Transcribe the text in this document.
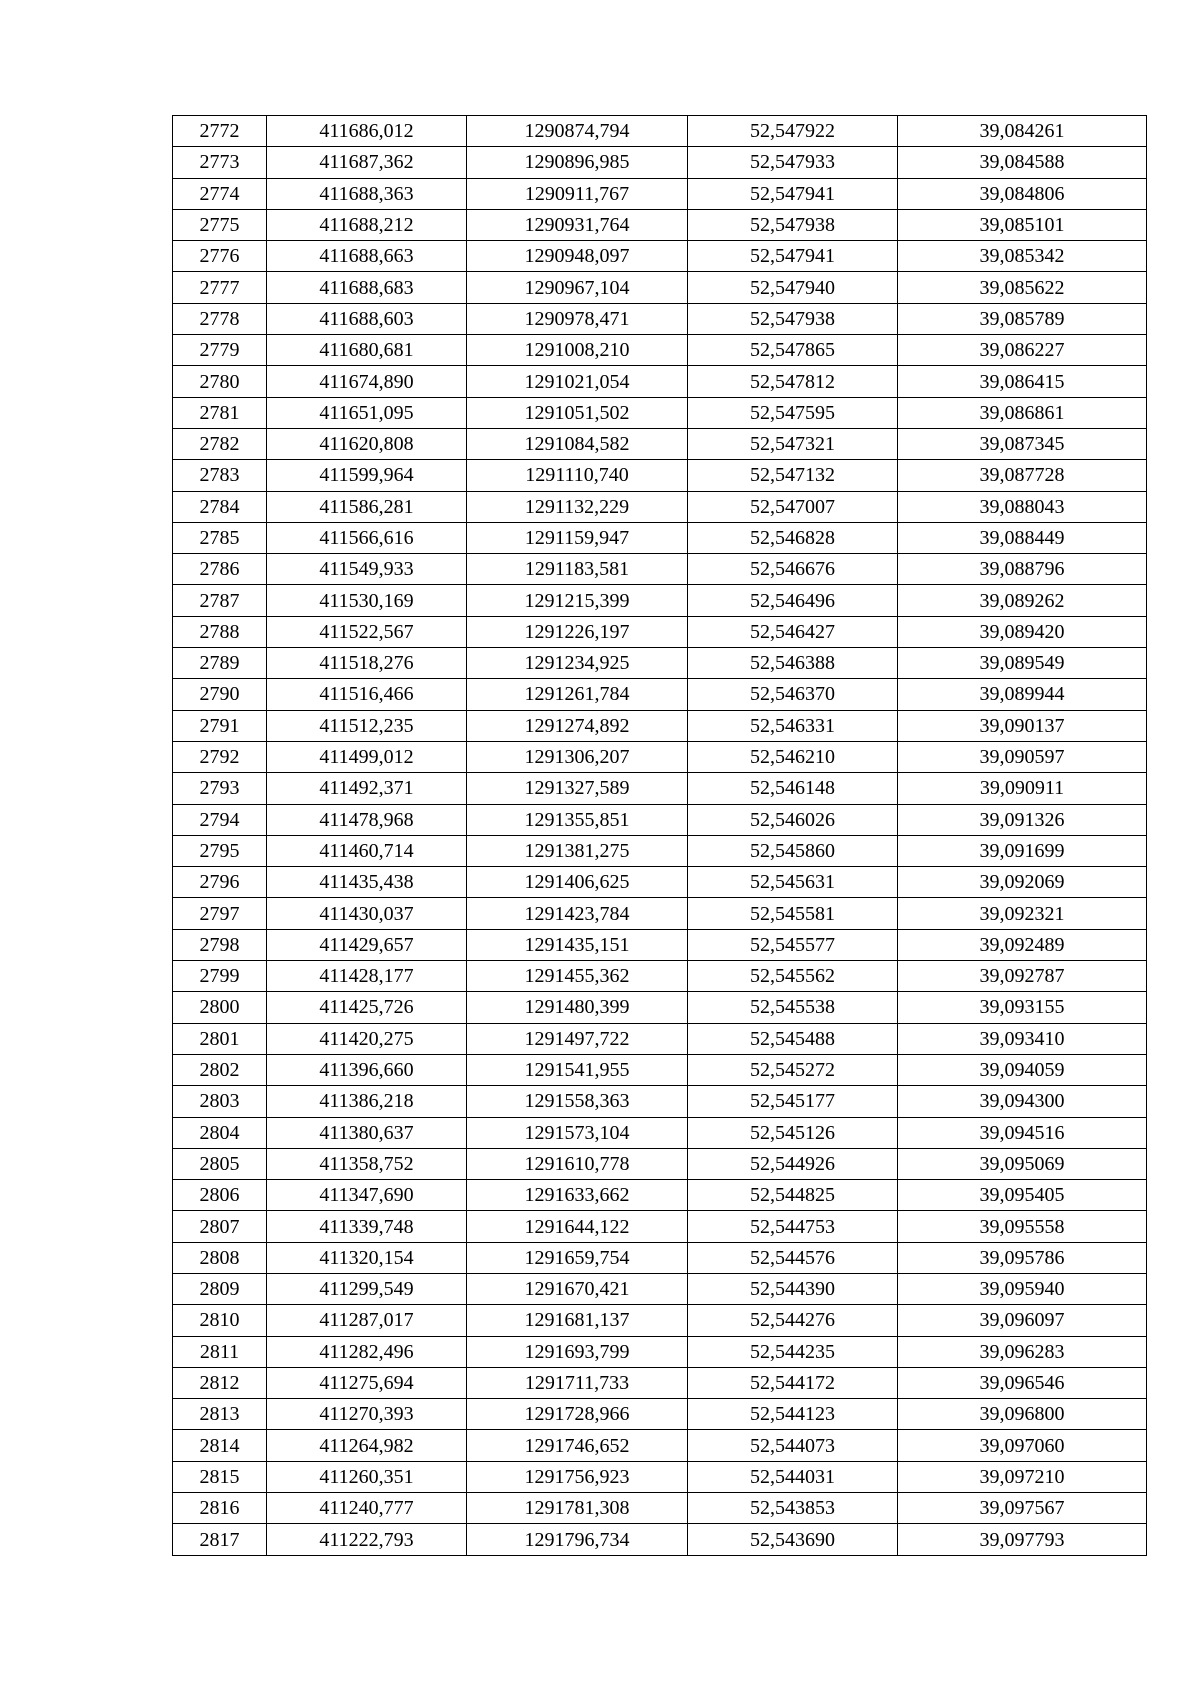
2772	411686,012	1290874,794	52,547922	39,084261
2773	411687,362	1290896,985	52,547933	39,084588
2774	411688,363	1290911,767	52,547941	39,084806
2775	411688,212	1290931,764	52,547938	39,085101
2776	411688,663	1290948,097	52,547941	39,085342
2777	411688,683	1290967,104	52,547940	39,085622
2778	411688,603	1290978,471	52,547938	39,085789
2779	411680,681	1291008,210	52,547865	39,086227
2780	411674,890	1291021,054	52,547812	39,086415
2781	411651,095	1291051,502	52,547595	39,086861
2782	411620,808	1291084,582	52,547321	39,087345
2783	411599,964	1291110,740	52,547132	39,087728
2784	411586,281	1291132,229	52,547007	39,088043
2785	411566,616	1291159,947	52,546828	39,088449
2786	411549,933	1291183,581	52,546676	39,088796
2787	411530,169	1291215,399	52,546496	39,089262
2788	411522,567	1291226,197	52,546427	39,089420
2789	411518,276	1291234,925	52,546388	39,089549
2790	411516,466	1291261,784	52,546370	39,089944
2791	411512,235	1291274,892	52,546331	39,090137
2792	411499,012	1291306,207	52,546210	39,090597
2793	411492,371	1291327,589	52,546148	39,090911
2794	411478,968	1291355,851	52,546026	39,091326
2795	411460,714	1291381,275	52,545860	39,091699
2796	411435,438	1291406,625	52,545631	39,092069
2797	411430,037	1291423,784	52,545581	39,092321
2798	411429,657	1291435,151	52,545577	39,092489
2799	411428,177	1291455,362	52,545562	39,092787
2800	411425,726	1291480,399	52,545538	39,093155
2801	411420,275	1291497,722	52,545488	39,093410
2802	411396,660	1291541,955	52,545272	39,094059
2803	411386,218	1291558,363	52,545177	39,094300
2804	411380,637	1291573,104	52,545126	39,094516
2805	411358,752	1291610,778	52,544926	39,095069
2806	411347,690	1291633,662	52,544825	39,095405
2807	411339,748	1291644,122	52,544753	39,095558
2808	411320,154	1291659,754	52,544576	39,095786
2809	411299,549	1291670,421	52,544390	39,095940
2810	411287,017	1291681,137	52,544276	39,096097
2811	411282,496	1291693,799	52,544235	39,096283
2812	411275,694	1291711,733	52,544172	39,096546
2813	411270,393	1291728,966	52,544123	39,096800
2814	411264,982	1291746,652	52,544073	39,097060
2815	411260,351	1291756,923	52,544031	39,097210
2816	411240,777	1291781,308	52,543853	39,097567
2817	411222,793	1291796,734	52,543690	39,097793
